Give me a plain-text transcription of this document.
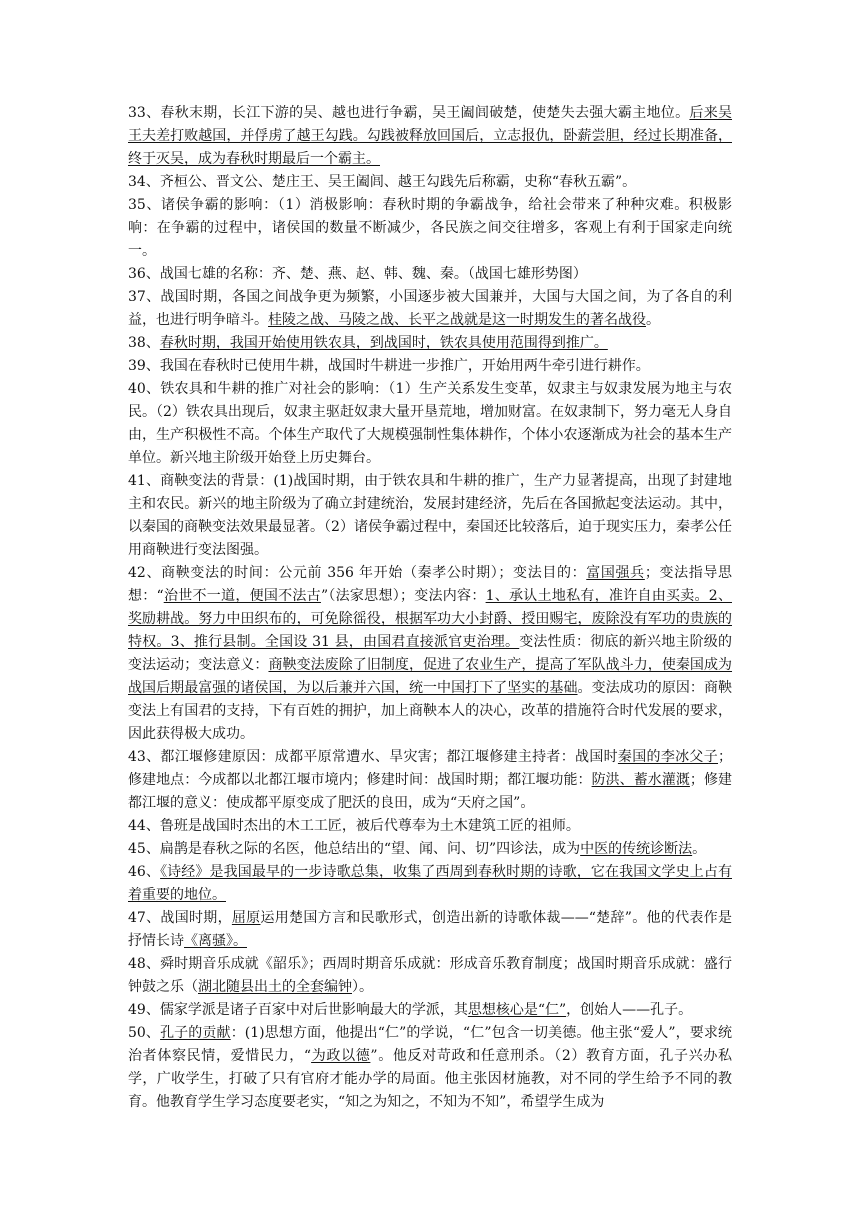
33、春秋末期，长江下游的吴、越也进行争霸，吴王阖闾破楚，使楚失去强大霸主地位。后来吴王夫差打败越国，并俘虏了越王勾践。勾践被释放回国后，立志报仇，卧薪尝胆，经过长期准备，终于灭吴，成为春秋时期最后一个霸主。

34、齐桓公、晋文公、楚庄王、吴王阖闾、越王勾践先后称霸，史称“春秋五霸”。

35、诸侯争霸的影响：（1）消极影响：春秋时期的争霸战争，给社会带来了种种灾难。积极影响：在争霸的过程中，诸侯国的数量不断减少，各民族之间交往增多，客观上有利于国家走向统一。

36、战国七雄的名称：齐、楚、燕、赵、韩、魏、秦。（战国七雄形势图）

37、战国时期，各国之间战争更为频繁，小国逐步被大国兼并，大国与大国之间，为了各自的利益，也进行明争暗斗。桂陵之战、马陵之战、长平之战就是这一时期发生的著名战役。

38、春秋时期，我国开始使用铁农具，到战国时，铁农具使用范围得到推广。

39、我国在春秋时已使用牛耕，战国时牛耕进一步推广，开始用两牛牵引进行耕作。

40、铁农具和牛耕的推广对社会的影响：（1）生产关系发生变革，奴隶主与奴隶发展为地主与农民。（2）铁农具出现后，奴隶主驱赶奴隶大量开垦荒地，增加财富。在奴隶制下，努力毫无人身自由，生产积极性不高。个体生产取代了大规模强制性集体耕作，个体小农逐渐成为社会的基本生产单位。新兴地主阶级开始登上历史舞台。

41、商鞅变法的背景：(1)战国时期，由于铁农具和牛耕的推广，生产力显著提高，出现了封建地主和农民。新兴的地主阶级为了确立封建统治，发展封建经济，先后在各国掀起变法运动。其中，以秦国的商鞅变法效果最显著。（2）诸侯争霸过程中，秦国还比较落后，迫于现实压力，秦孝公任用商鞅进行变法图强。

42、商鞅变法的时间：公元前 356 年开始（秦孝公时期）；变法目的：富国强兵；变法指导思想：“治世不一道，便国不法古”（法家思想）；变法内容：1、承认土地私有，准许自由买卖。2、奖励耕战。努力中田织布的，可免除徭役，根据军功大小封爵、授田赐宅，废除没有军功的贵族的特权。3、推行县制。全国设 31 县，由国君直接派官吏治理。变法性质：彻底的新兴地主阶级的变法运动；变法意义：商鞅变法废除了旧制度，促进了农业生产，提高了军队战斗力，使秦国成为战国后期最富强的诸侯国，为以后兼并六国，统一中国打下了坚实的基础。变法成功的原因：商鞅变法上有国君的支持，下有百姓的拥护，加上商鞅本人的决心，改革的措施符合时代发展的要求，因此获得极大成功。

43、都江堰修建原因：成都平原常遭水、旱灾害；都江堰修建主持者：战国时秦国的李冰父子；修建地点：今成都以北都江堰市境内；修建时间：战国时期；都江堰功能：防洪、蓄水灌溉；修建都江堰的意义：使成都平原变成了肥沃的良田，成为“天府之国”。

44、鲁班是战国时杰出的木工工匠，被后代尊奉为土木建筑工匠的祖师。

45、扁鹊是春秋之际的名医，他总结出的“望、闻、问、切”四诊法，成为中医的传统诊断法。

46、《诗经》是我国最早的一步诗歌总集，收集了西周到春秋时期的诗歌，它在我国文学史上占有着重要的地位。

47、战国时期，屈原运用楚国方言和民歌形式，创造出新的诗歌体裁——“楚辞”。他的代表作是抒情长诗《离骚》。

48、舜时期音乐成就《韶乐》；西周时期音乐成就：形成音乐教育制度；战国时期音乐成就：盛行钟鼓之乐（湖北随县出土的全套编钟）。

49、儒家学派是诸子百家中对后世影响最大的学派，其思想核心是“仁”，创始人——孔子。

50、孔子的贡献：(1)思想方面，他提出“仁”的学说，“仁”包含一切美德。他主张“爱人”，要求统治者体察民情，爱惜民力，“为政以德”。他反对苛政和任意刑杀。（2）教育方面，孔子兴办私学，广收学生，打破了只有官府才能办学的局面。他主张因材施教，对不同的学生给予不同的教育。他教育学生学习态度要老实，“知之为知之，不知为不知”，希望学生成为
